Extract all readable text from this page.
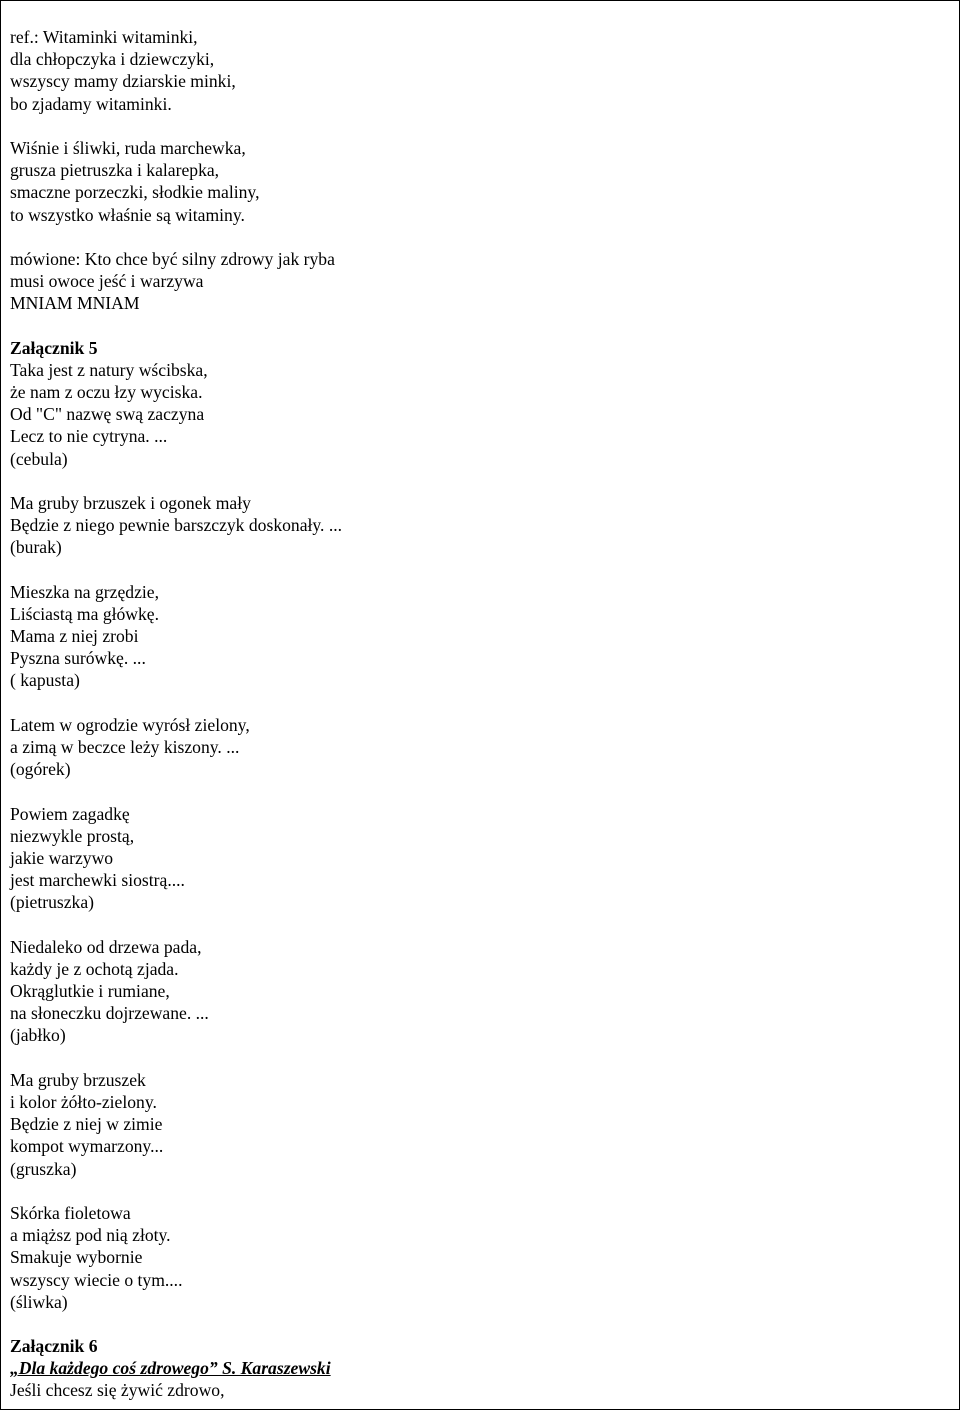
ref.: Witaminki witaminki,
dla chłopczyka i dziewczyki,
wszyscy mamy dziarskie minki,
bo zjadamy witaminki.
Wiśnie i śliwki, ruda marchewka,
grusza pietruszka i kalarepka,
smaczne porzeczki, słodkie maliny,
to wszystko właśnie są witaminy.
mówione: Kto chce być silny zdrowy jak ryba
musi owoce jeść i warzywa
MNIAM MNIAM
Załącznik 5
Taka jest z natury wścibska,
że nam z oczu łzy wyciska.
Od "C" nazwę swą zaczyna
Lecz to nie cytryna. ...
(cebula)
Ma gruby brzuszek i ogonek mały
Będzie z niego pewnie barszczyk doskonały. ...
(burak)
Mieszka na grzędzie,
Liściastą ma główkę.
Mama z niej zrobi
Pyszna surówkę. ...
( kapusta)
Latem w ogrodzie wyrósł zielony,
a zimą w beczce leży kiszony. ...
(ogórek)
Powiem zagadkę
niezwykle prostą,
jakie warzywo
jest marchewki siostrą....
(pietruszka)
Niedaleko od drzewa pada,
każdy je z ochotą zjada.
Okrąglutkie i rumiane,
na słoneczku dojrzewane. ...
(jabłko)
Ma gruby brzuszek
i kolor żółto-zielony.
Będzie z niej w zimie
kompot wymarzony...
(gruszka)
Skórka fioletowa
a miąższ pod nią złoty.
Smakuje wybornie
wszyscy wiecie o tym....
(śliwka)
Załącznik 6
„Dla każdego coś zdrowego” S. Karaszewski
Jeśli chcesz się żywić zdrowo,
